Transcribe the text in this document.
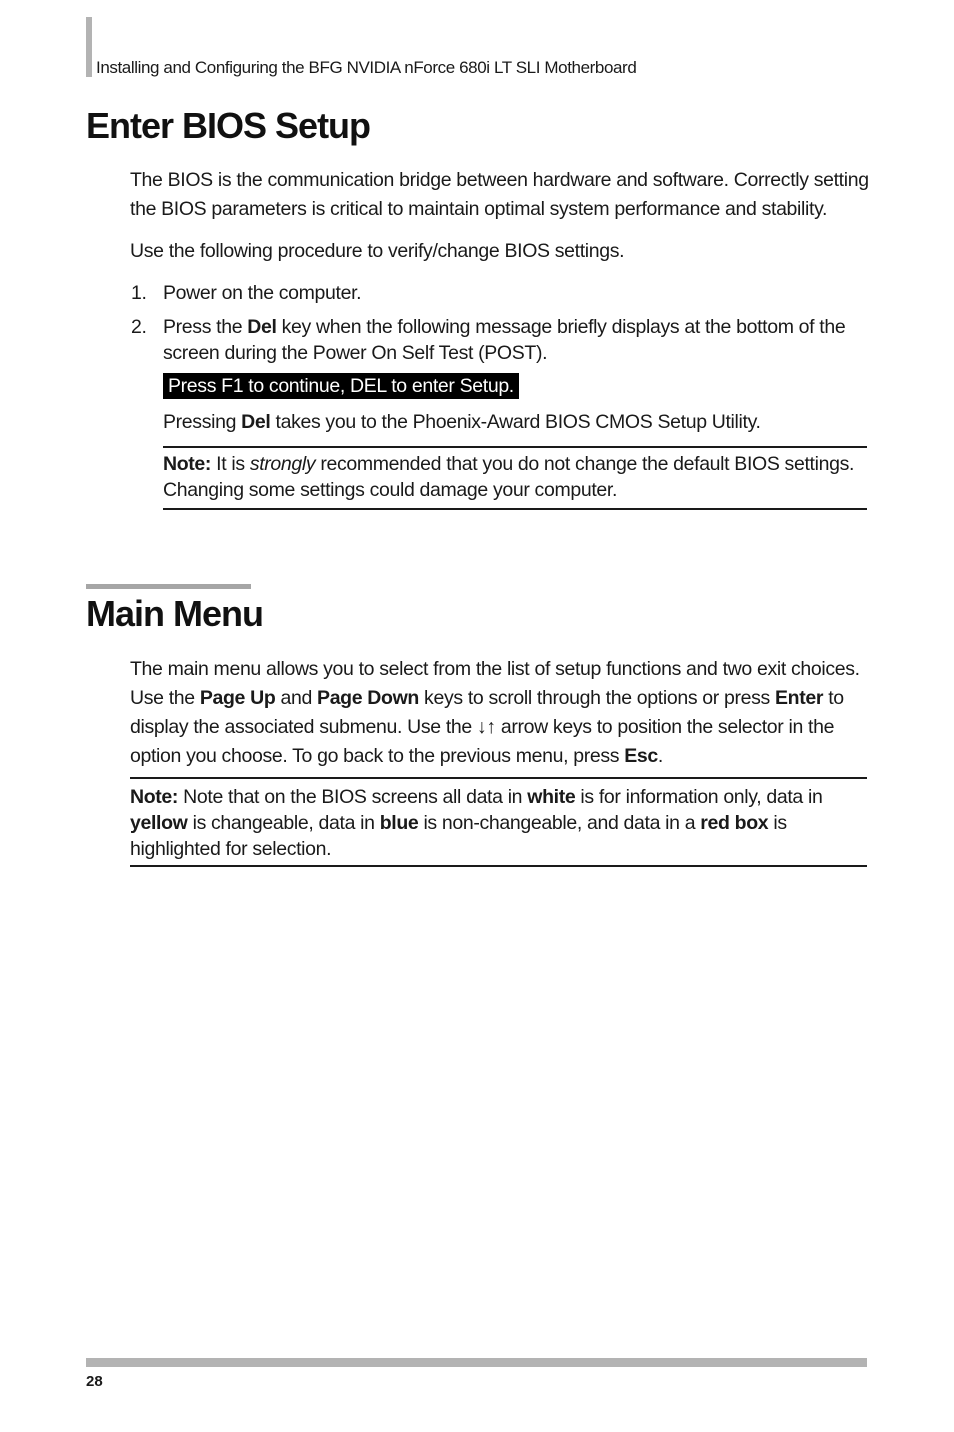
Installing and Configuring the BFG NVIDIA nForce 680i LT SLI Motherboard
Enter BIOS Setup

The BIOS is the communication bridge between hardware and software. Correctly setting the BIOS parameters is critical to maintain optimal system performance and stability.

Use the following procedure to verify/change BIOS settings.

1. Power on the computer.
2. Press the Del key when the following message briefly displays at the bottom of the screen during the Power On Self Test (POST).
Press F1 to continue, DEL to enter Setup.

Pressing Del takes you to the Phoenix-Award BIOS CMOS Setup Utility.

Note: It is strongly recommended that you do not change the default BIOS settings. Changing some settings could damage your computer.
Main Menu

The main menu allows you to select from the list of setup functions and two exit choices. Use the Page Up and Page Down keys to scroll through the options or press Enter to display the associated submenu. Use the ↓↑ arrow keys to position the selector in the option you choose. To go back to the previous menu, press Esc.

Note: Note that on the BIOS screens all data in white is for information only, data in yellow is changeable, data in blue is non-changeable, and data in a red box is highlighted for selection.
28
